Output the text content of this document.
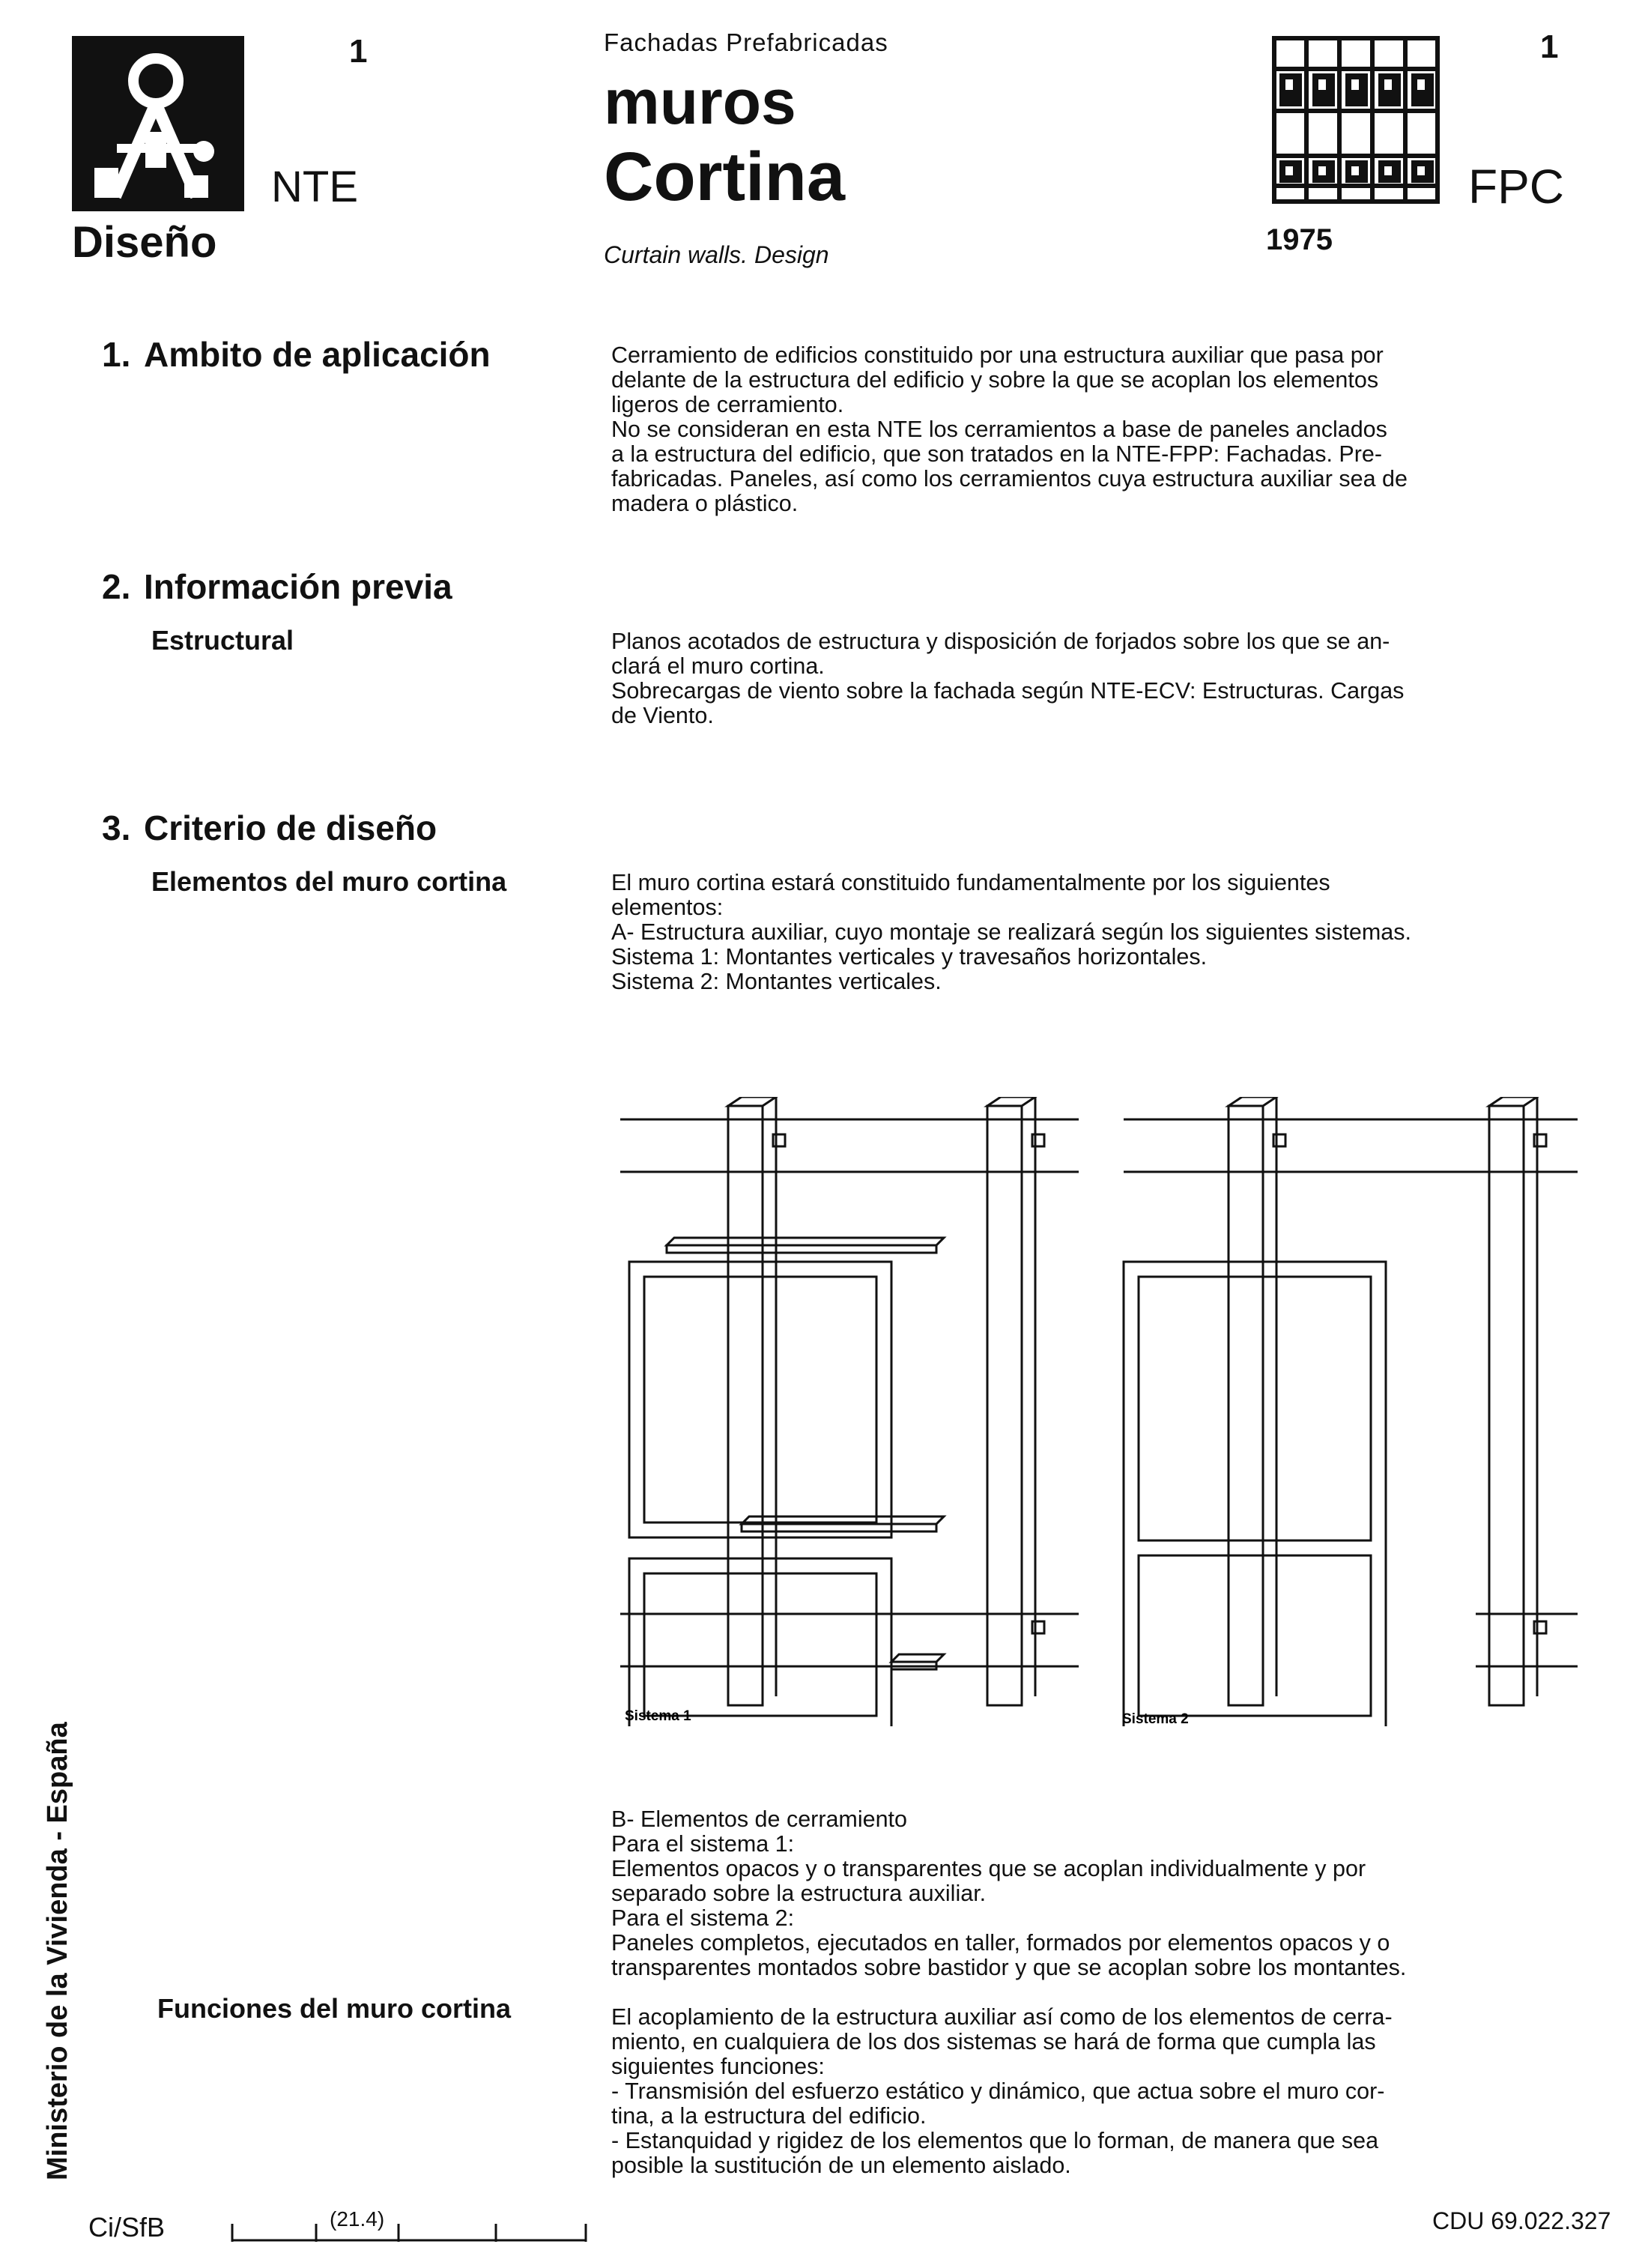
1
NTE
Diseño
Fachadas Prefabricadas
muros
Cortina
Curtain walls. Design
1
FPC
1975
1. Ambito de aplicación	Cerramiento de edificios constituido por una estructura auxiliar que pasa por
delante de la estructura del edificio y sobre la que se acoplan los elementos
ligeros de cerramiento.
No se consideran en esta NTE los cerramientos a base de paneles anclados
a la estructura del edificio, que son tratados en la NTE-FPP: Fachadas. Pre-
fabricadas. Paneles, así como los cerramientos cuya estructura auxiliar sea de
madera o plástico.
2. Información previa
Estructural	Planos acotados de estructura y disposición de forjados sobre los que se an-
clará el muro cortina.
Sobrecargas de viento sobre la fachada según NTE-ECV: Estructuras. Cargas
de Viento.
3. Criterio de diseño
Elementos del muro cortina	El muro cortina estará constituido fundamentalmente por los siguientes
elementos:
A- Estructura auxiliar, cuyo montaje se realizará según los siguientes sistemas.
Sistema 1: Montantes verticales y travesaños horizontales.
Sistema 2: Montantes verticales.
Sistema 1	Sistema 2
B- Elementos de cerramiento
Para el sistema 1:
Elementos opacos y o transparentes que se acoplan individualmente y por
separado sobre la estructura auxiliar.
Para el sistema 2:
Paneles completos, ejecutados en taller, formados por elementos opacos y o
transparentes montados sobre bastidor y que se acoplan sobre los montantes.
Funciones del muro cortina	El acoplamiento de la estructura auxiliar así como de los elementos de cerra-
miento, en cualquiera de los dos sistemas se hará de forma que cumpla las
siguientes funciones:
- Transmisión del esfuerzo estático y dinámico, que actua sobre el muro cor-
tina, a la estructura del edificio.
- Estanquidad y rigidez de los elementos que lo forman, de manera que sea
posible la sustitución de un elemento aislado.
Ministerio de la Vivienda - España
Ci/SfB	(21.4)	CDU 69.022.327
